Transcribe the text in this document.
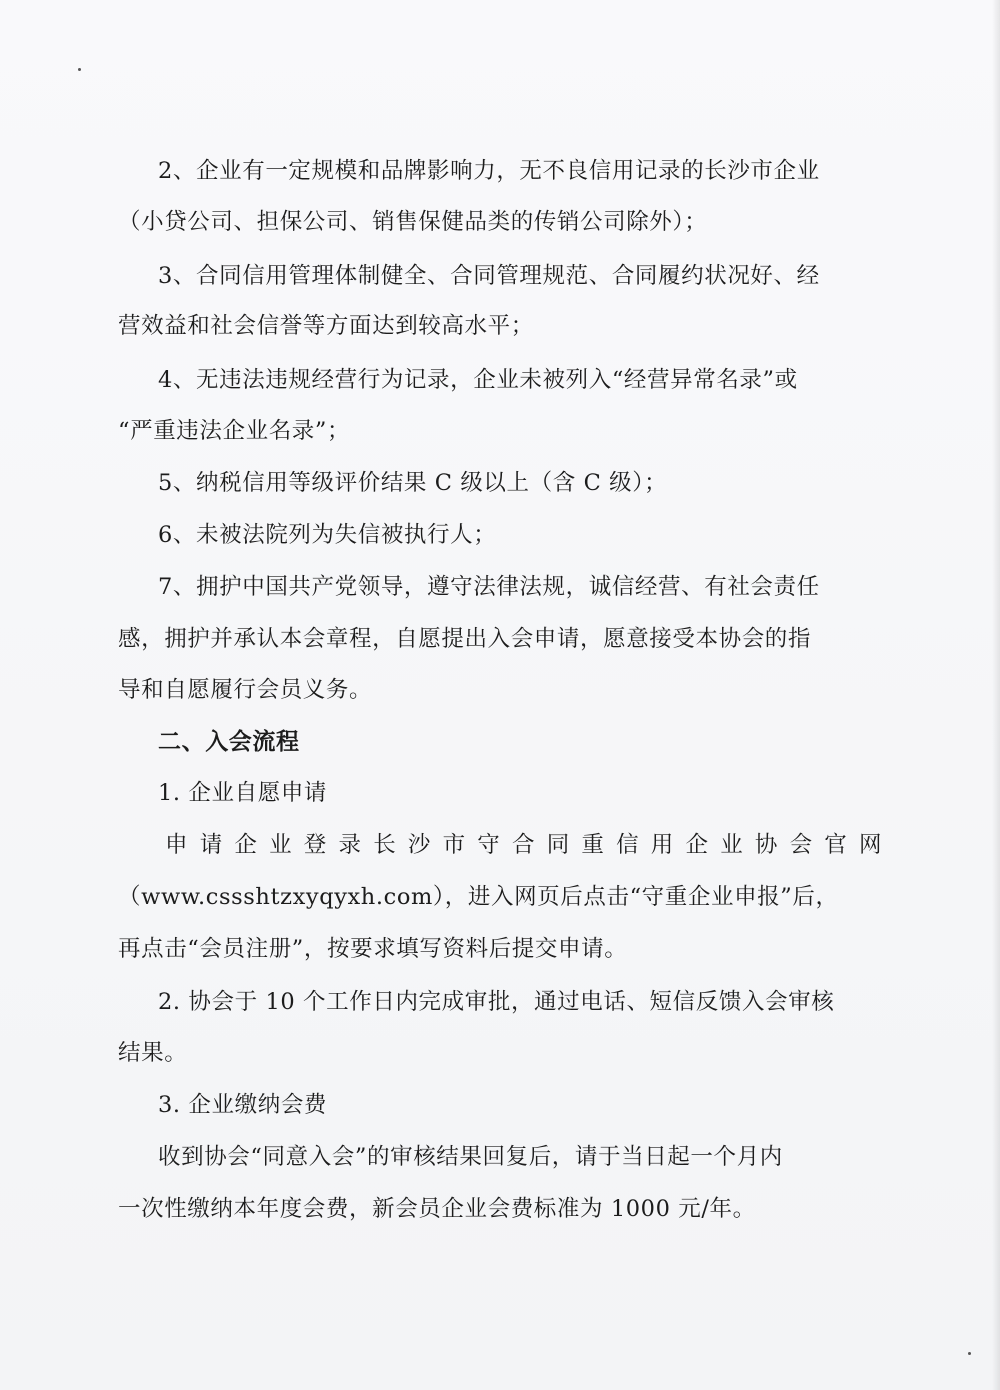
2、企业有一定规模和品牌影响力，无不良信用记录的长沙市企业
（小贷公司、担保公司、销售保健品类的传销公司除外）；
3、合同信用管理体制健全、合同管理规范、合同履约状况好、经
营效益和社会信誉等方面达到较高水平；
4、无违法违规经营行为记录，企业未被列入“经营异常名录”或
“严重违法企业名录”；
5、纳税信用等级评价结果 C 级以上（含 C 级）；
6、未被法院列为失信被执行人；
7、拥护中国共产党领导，遵守法律法规，诚信经营、有社会责任
感，拥护并承认本会章程，自愿提出入会申请，愿意接受本协会的指
导和自愿履行会员义务。
二、入会流程
1. 企业自愿申请
申请企业登录长沙市守合同重信用企业协会官网
（www.cssshtzxyqyxh.com），进入网页后点击“守重企业申报”后，
再点击“会员注册”，按要求填写资料后提交申请。
2. 协会于 10 个工作日内完成审批，通过电话、短信反馈入会审核
结果。
3. 企业缴纳会费
收到协会“同意入会”的审核结果回复后，请于当日起一个月内
一次性缴纳本年度会费，新会员企业会费标准为 1000 元/年。
